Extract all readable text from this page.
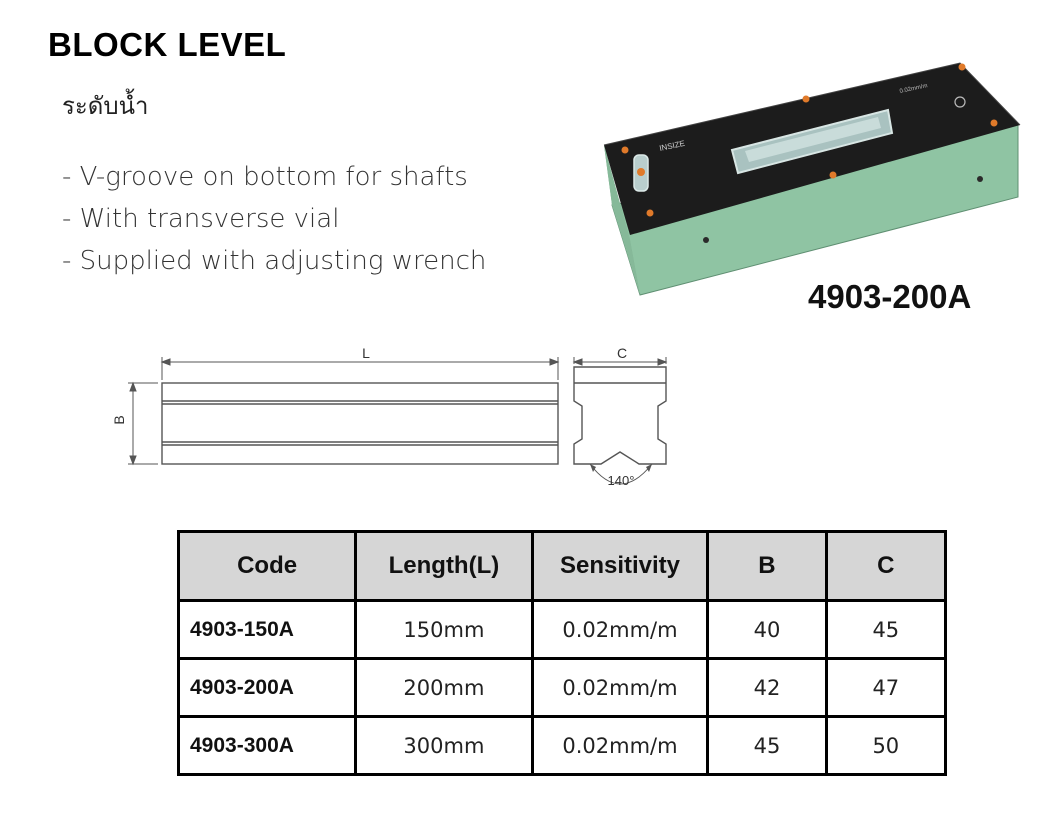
BLOCK LEVEL
ระดับน้ำ
- V-groove on bottom for shafts
- With transverse vial
- Supplied with adjusting wrench
INSIZE
0.02mm/m
4903-200A
L
B
C
140°
Code	Length(L)	Sensitivity	B	C
4903-150A	150mm	0.02mm/m	40	45
4903-200A	200mm	0.02mm/m	42	47
4903-300A	300mm	0.02mm/m	45	50
